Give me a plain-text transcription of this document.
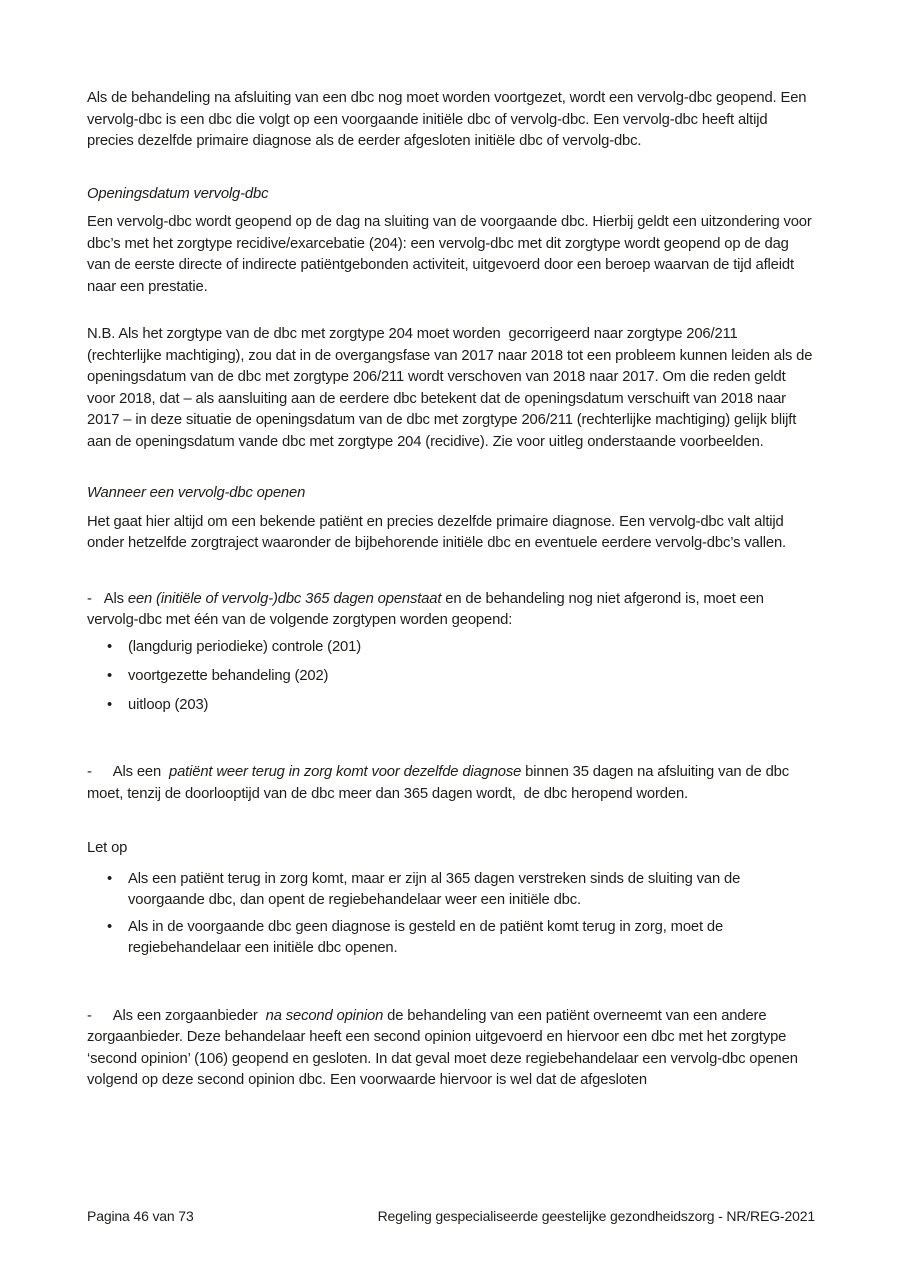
Als de behandeling na afsluiting van een dbc nog moet worden voortgezet, wordt een vervolg-dbc geopend. Een vervolg-dbc is een dbc die volgt op een voorgaande initiële dbc of vervolg-dbc. Een vervolg-dbc heeft altijd precies dezelfde primaire diagnose als de eerder afgesloten initiële dbc of vervolg-dbc.

Openingsdatum vervolg-dbc

Een vervolg-dbc wordt geopend op de dag na sluiting van de voorgaande dbc. Hierbij geldt een uitzondering voor dbc’s met het zorgtype recidive/exarcebatie (204): een vervolg-dbc met dit zorgtype wordt geopend op de dag van de eerste directe of indirecte patiëntgebonden activiteit, uitgevoerd door een beroep waarvan de tijd afleidt naar een prestatie.

N.B. Als het zorgtype van de dbc met zorgtype 204 moet worden  gecorrigeerd naar zorgtype 206/211 (rechterlijke machtiging), zou dat in de overgangsfase van 2017 naar 2018 tot een probleem kunnen leiden als de openingsdatum van de dbc met zorgtype 206/211 wordt verschoven van 2018 naar 2017. Om die reden geldt voor 2018, dat – als aansluiting aan de eerdere dbc betekent dat de openingsdatum verschuift van 2018 naar 2017 – in deze situatie de openingsdatum van de dbc met zorgtype 206/211 (rechterlijke machtiging) gelijk blijft aan de openingsdatum vande dbc met zorgtype 204 (recidive). Zie voor uitleg onderstaande voorbeelden.

Wanneer een vervolg-dbc openen

Het gaat hier altijd om een bekende patiënt en precies dezelfde primaire diagnose. Een vervolg-dbc valt altijd onder hetzelfde zorgtraject waaronder de bijbehorende initiële dbc en eventuele eerdere vervolg-dbc’s vallen.

- Als een (initiële of vervolg-)dbc 365 dagen openstaat en de behandeling nog niet afgerond is, moet een vervolg-dbc met één van de volgende zorgtypen worden geopend:

•	(langdurig periodieke) controle (201)
•	voortgezette behandeling (202)
•	uitloop (203)

- Als een  patiënt weer terug in zorg komt voor dezelfde diagnose binnen 35 dagen na afsluiting van de dbc moet, tenzij de doorlooptijd van de dbc meer dan 365 dagen wordt,  de dbc heropend worden.

Let op

•	Als een patiënt terug in zorg komt, maar er zijn al 365 dagen verstreken sinds de sluiting van de voorgaande dbc, dan opent de regiebehandelaar weer een initiële dbc.
•	Als in de voorgaande dbc geen diagnose is gesteld en de patiënt komt terug in zorg, moet de regiebehandelaar een initiële dbc openen.

- Als een zorgaanbieder  na second opinion de behandeling van een patiënt overneemt van een andere zorgaanbieder. Deze behandelaar heeft een second opinion uitgevoerd en hiervoor een dbc met het zorgtype ‘second opinion’ (106) geopend en gesloten. In dat geval moet deze regiebehandelaar een vervolg-dbc openen volgend op deze second opinion dbc. Een voorwaarde hiervoor is wel dat de afgesloten

Pagina 46 van 73	Regeling gespecialiseerde geestelijke gezondheidszorg - NR/REG-2021
